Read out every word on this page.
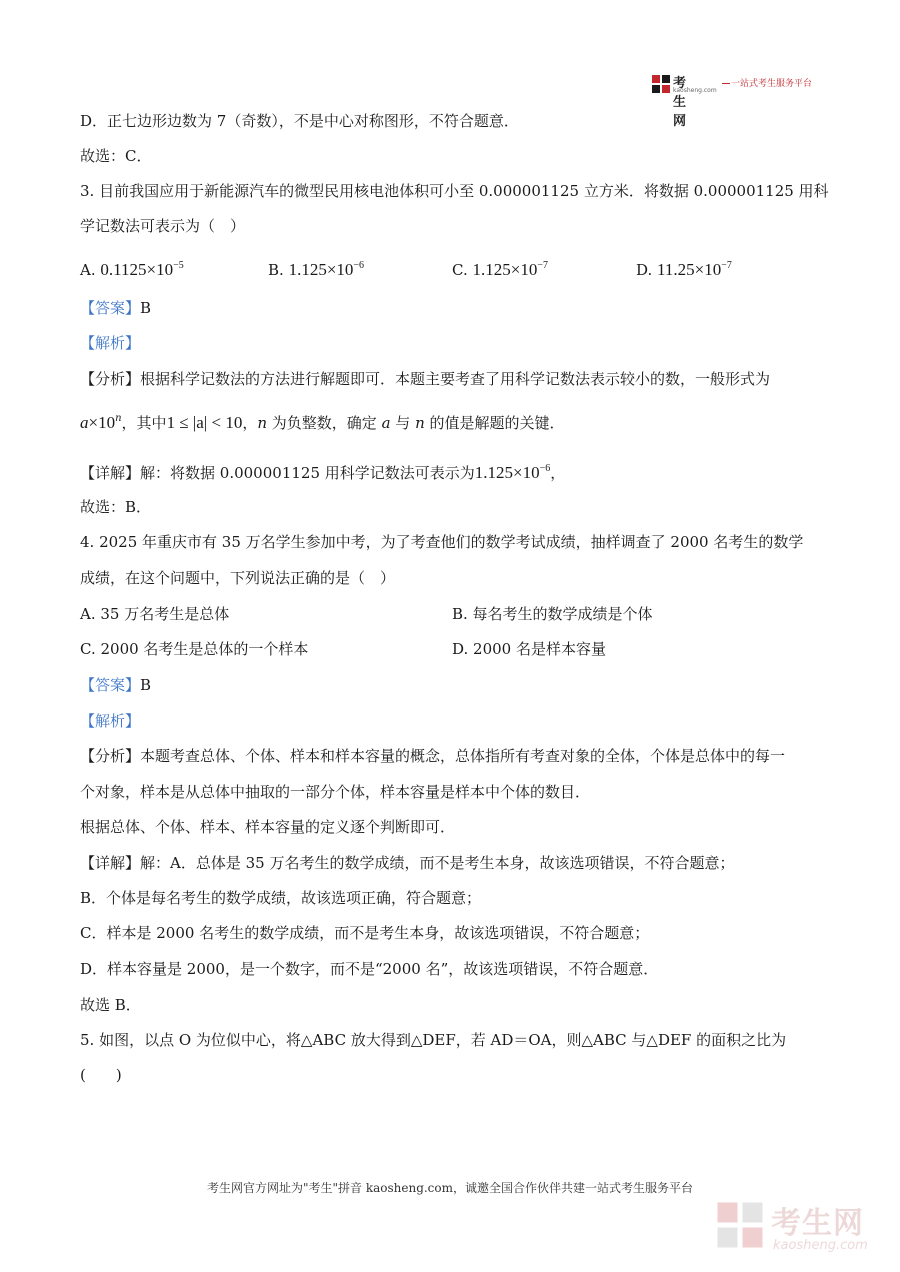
考生网
kaosheng.com
一站式考生服务平台
D．正七边形边数为 7（奇数），不是中心对称图形，不符合题意．
故选：C．
3. 目前我国应用于新能源汽车的微型民用核电池体积可小至 0.000001125 立方米．将数据 0.000001125 用科
学记数法可表示为（　）
A. $0.1125\times 10^{-5}$	B. $1.125\times 10^{-6}$	C. $1.125\times 10^{-7}$	D. $11.25\times 10^{-7}$
【答案】B
【解析】
【分析】根据科学记数法的方法进行解题即可．本题主要考查了用科学记数法表示较小的数，一般形式为
$a\times 10^n$，其中1 ≤ |a| < 10，n 为负整数，确定 a 与 n 的值是解题的关键．
【详解】解：将数据 0.000001125 用科学记数法可表示为$1.125\times 10^{-6}$，
故选：B．
4. 2025 年重庆市有 35 万名学生参加中考，为了考查他们的数学考试成绩，抽样调查了 2000 名考生的数学
成绩，在这个问题中，下列说法正确的是（　）
A. 35 万名考生是总体	B. 每名考生的数学成绩是个体
C. 2000 名考生是总体的一个样本	D. 2000 名是样本容量
【答案】B
【解析】
【分析】本题考查总体、个体、样本和样本容量的概念，总体指所有考查对象的全体，个体是总体中的每一
个对象，样本是从总体中抽取的一部分个体，样本容量是样本中个体的数目．
根据总体、个体、样本、样本容量的定义逐个判断即可．
【详解】解：A．总体是 35 万名考生的数学成绩，而不是考生本身，故该选项错误，不符合题意；
B．个体是每名考生的数学成绩，故该选项正确，符合题意；
C．样本是 2000 名考生的数学成绩，而不是考生本身，故该选项错误，不符合题意；
D．样本容量是 2000，是一个数字，而不是“2000 名”，故该选项错误，不符合题意．
故选 B．
5. 如图，以点 O 为位似中心，将△ABC 放大得到△DEF，若 AD＝OA，则△ABC 与△DEF 的面积之比为
(　　)
考生网官方网址为"考生"拼音 kaosheng.com，诚邀全国合作伙伴共建一站式考生服务平台
考生网
kaosheng.com
